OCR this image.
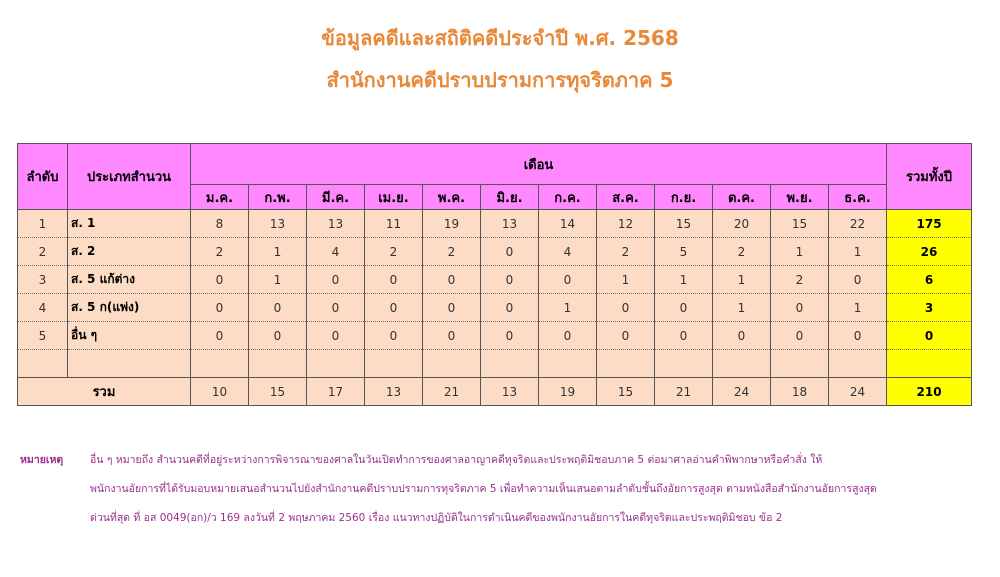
ข้อมูลคดีและสถิติคดีประจำปี พ.ศ. 2568
สำนักงานคดีปราบปรามการทุจริตภาค 5
ลำดับ	ประเภทสำนวน	เดือน												รวมทั้งปี
		ม.ค.	ก.พ.	มี.ค.	เม.ย.	พ.ค.	มิ.ย.	ก.ค.	ส.ค.	ก.ย.	ต.ค.	พ.ย.	ธ.ค.	
1	ส. 1	8	13	13	11	19	13	14	12	15	20	15	22	175
2	ส. 2	2	1	4	2	2	0	4	2	5	2	1	1	26
3	ส. 5 แก้ต่าง	0	1	0	0	0	0	0	1	1	1	2	0	6
4	ส. 5 ก(แพ่ง)	0	0	0	0	0	0	1	0	0	1	0	1	3
5	อื่น ๆ	0	0	0	0	0	0	0	0	0	0	0	0	0

รวม		10	15	17	13	21	13	19	15	21	24	18	24	210
หมายเหตุ	อื่น ๆ หมายถึง สำนวนคดีที่อยู่ระหว่างการพิจารณาของศาลในวันเปิดทำการของศาลอาญาคดีทุจริตและประพฤติมิชอบภาค 5 ต่อมาศาลอ่านคำพิพากษาหรือคำสั่ง ให้
พนักงานอัยการที่ได้รับมอบหมายเสนอสำนวนไปยังสำนักงานคดีปราบปรามการทุจริตภาค 5 เพื่อทำความเห็นเสนอตามลำดับชั้นถึงอัยการสูงสุด ตามหนังสือสำนักงานอัยการสูงสุด
ด่วนที่สุด ที่ อส 0049(อก)/ว 169 ลงวันที่ 2 พฤษภาคม 2560 เรื่อง แนวทางปฏิบัติในการดำเนินคดีของพนักงานอัยการในคดีทุจริตและประพฤติมิชอบ ข้อ 2
